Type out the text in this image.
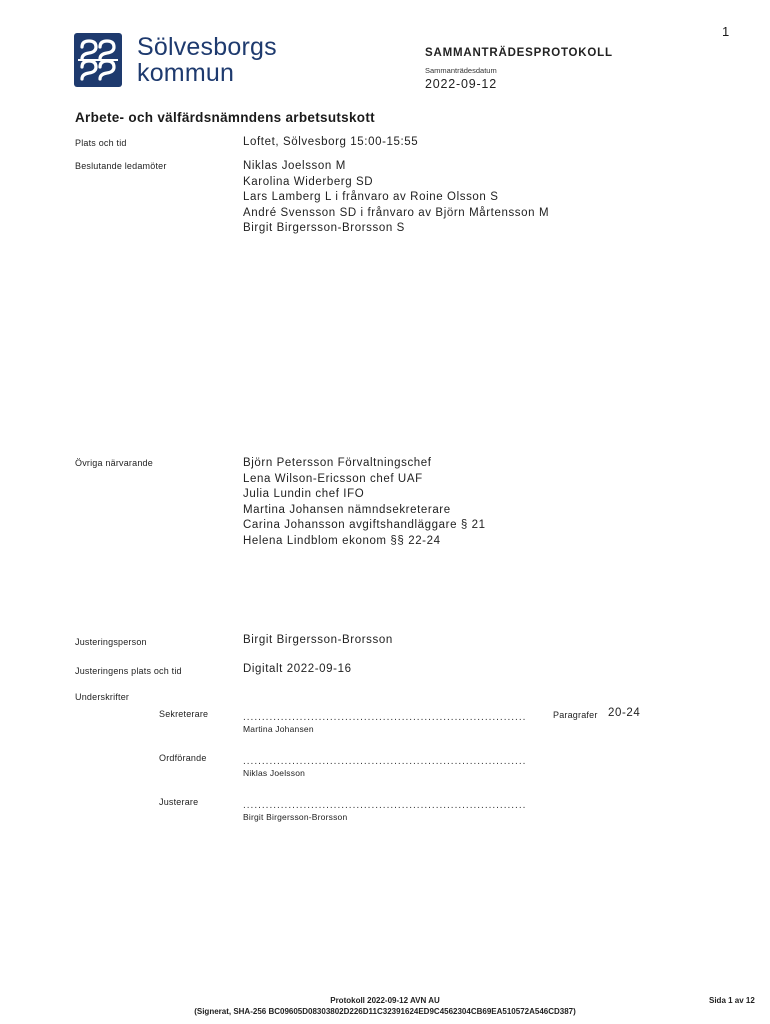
1
Sölvesborgs
kommun
SAMMANTRÄDESPROTOKOLL
Sammanträdesdatum
2022-09-12
Arbete- och välfärdsnämndens arbetsutskott
Plats och tid	Loftet, Sölvesborg 15:00-15:55
Beslutande ledamöter	Niklas Joelsson M
Karolina Widerberg SD
Lars Lamberg L i frånvaro av Roine Olsson S
André Svensson SD i frånvaro av Björn Mårtensson M
Birgit Birgersson-Brorsson S
Övriga närvarande	Björn Petersson Förvaltningschef
Lena Wilson-Ericsson chef UAF
Julia Lundin chef IFO
Martina Johansen nämndsekreterare
Carina Johansson avgiftshandläggare § 21
Helena Lindblom ekonom §§ 22-24
Justeringsperson	Birgit Birgersson-Brorsson
Justeringens plats och tid	Digitalt 2022-09-16
Underskrifter
Sekreterare	...........................................................................	Paragrafer 20-24
Martina Johansen
Ordförande	...........................................................................
Niklas Joelsson
Justerare	...........................................................................
Birgit Birgersson-Brorsson
Protokoll 2022-09-12 AVN AU
(Signerat, SHA-256 BC09605D08303802D226D11C32391624ED9C4562304CB69EA510572A546CD387)
Sida 1 av 12
